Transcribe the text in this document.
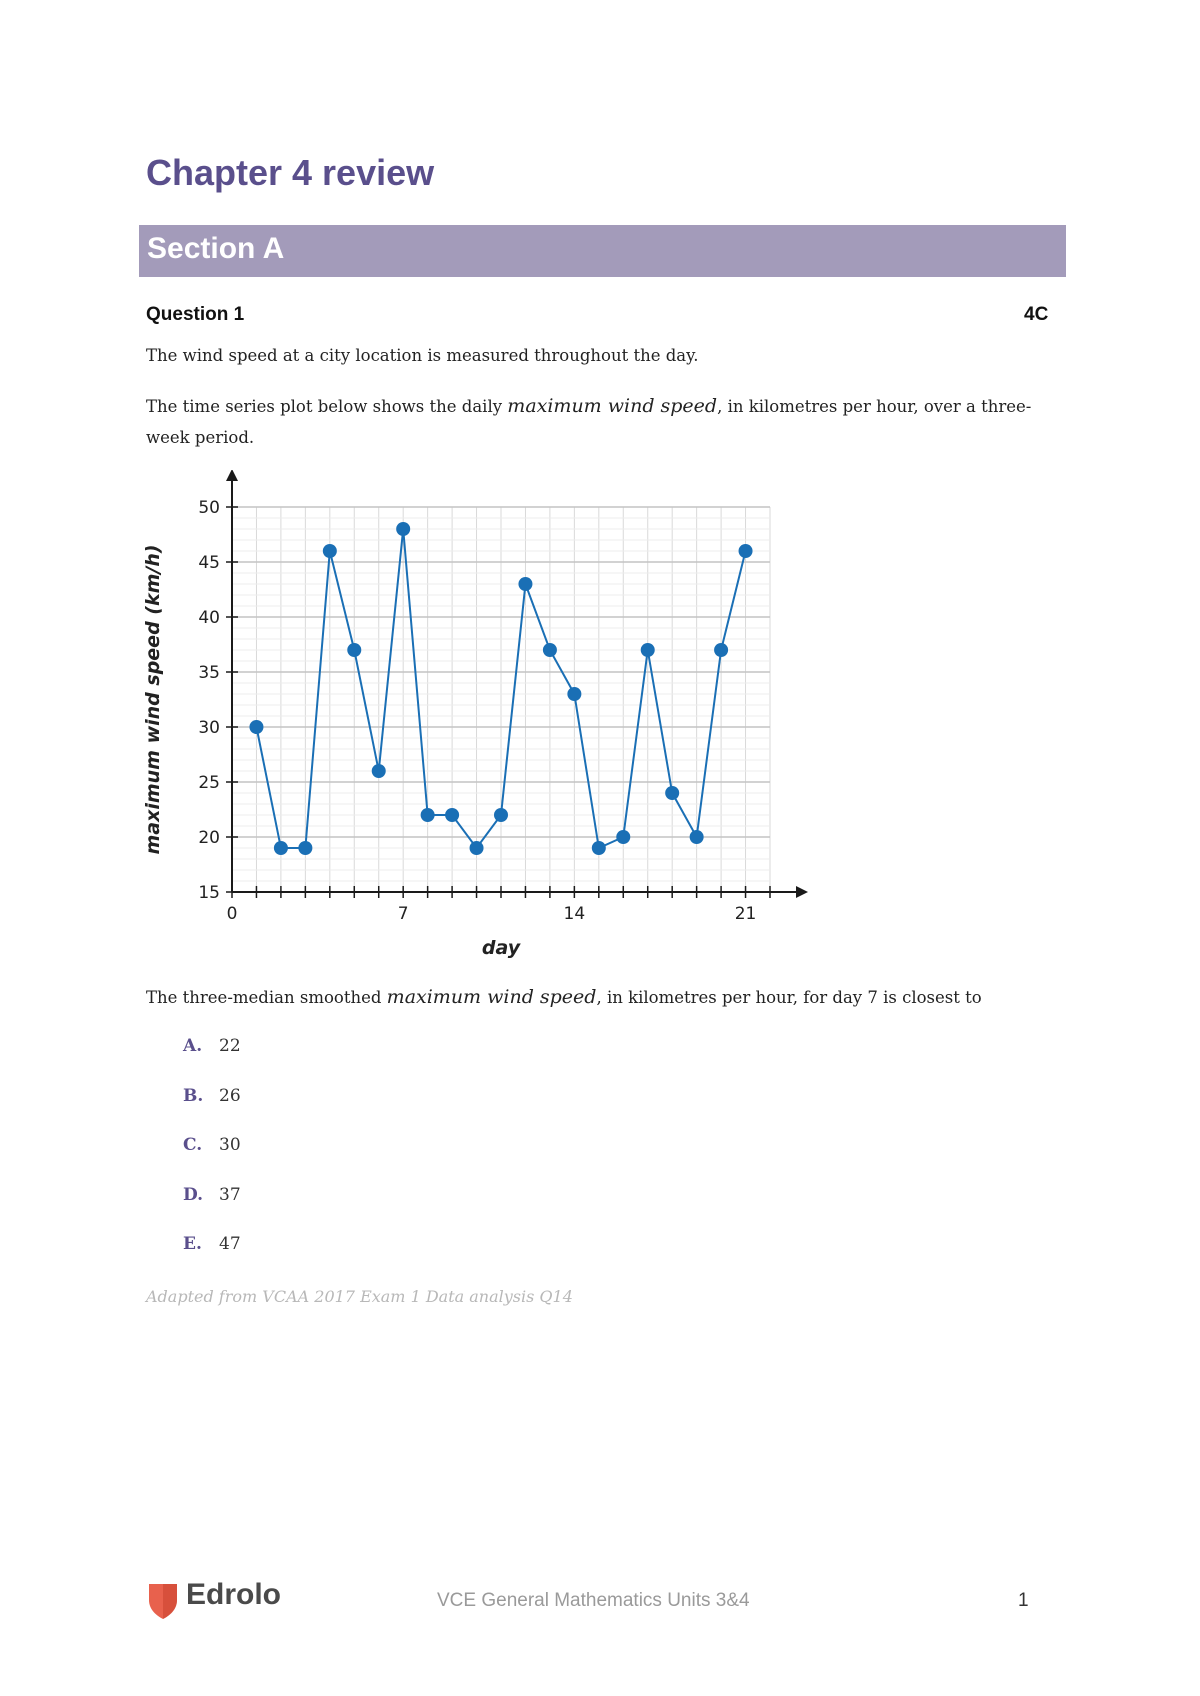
Chapter 4 review
Section A
Question 1	4C

The wind speed at a city location is measured throughout the day.

The time series plot below shows the daily maximum wind speed, in kilometres per hour, over a three-week period.

0	7	14	21
15
20
25
30
35
40
45
50
day
maximum wind speed (km/h)

The three-median smoothed maximum wind speed, in kilometres per hour, for day 7 is closest to

A. 22
B. 26
C. 30
D. 37
E. 47
Adapted from VCAA 2017 Exam 1 Data analysis Q14
Edrolo	VCE General Mathematics Units 3&4	1
